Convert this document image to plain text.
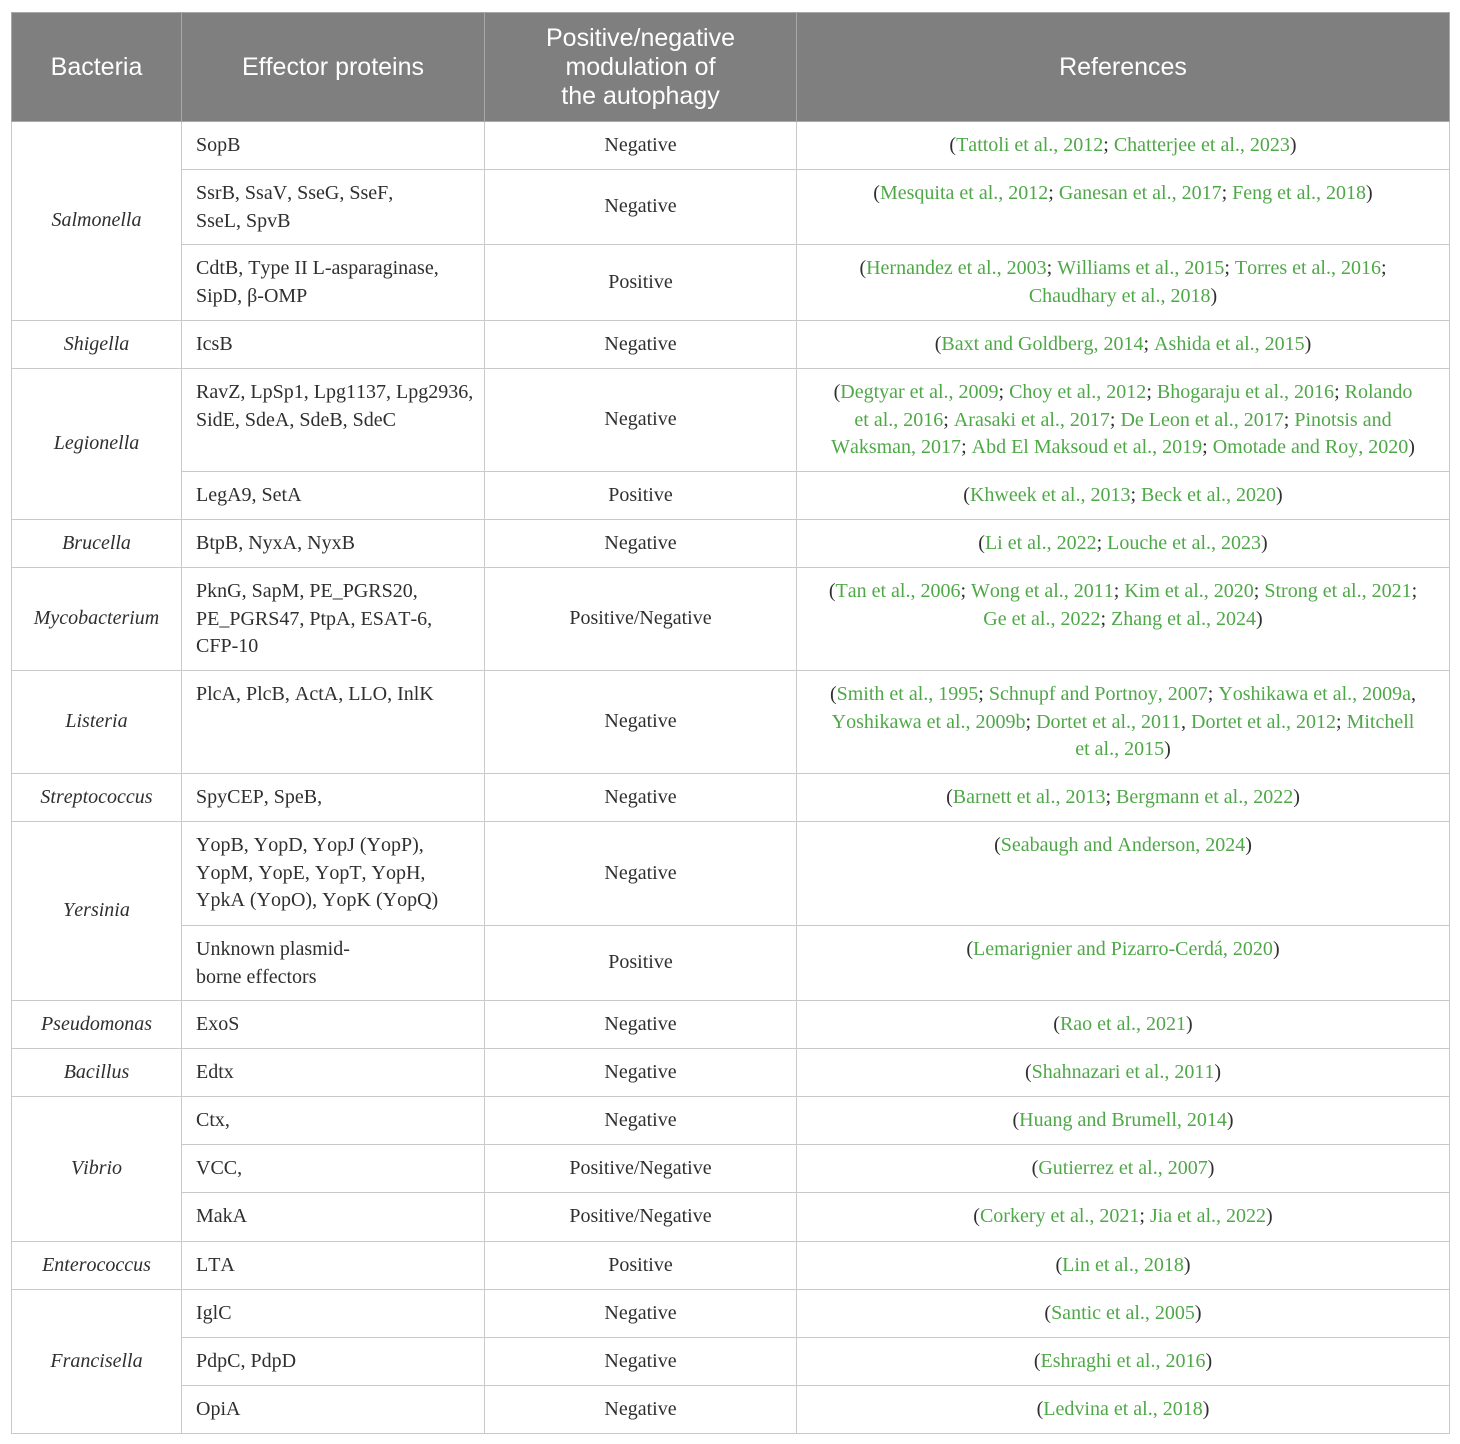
Bacteria	Effector proteins	Positive/negative
modulation of
the autophagy	References
Salmonella	SopB	Negative	(Tattoli et al., 2012; Chatterjee et al., 2023)

	SsrB, SsaV, SseG, SseF,
SseL, SpvB	Negative	(Mesquita et al., 2012; Ganesan et al., 2017; Feng et al., 2018)

	CdtB, Type II L-asparaginase,
SipD, β-OMP	Positive	(Hernandez et al., 2003; Williams et al., 2015; Torres et al., 2016; Chaudhary et al., 2018)
Shigella	IcsB	Negative	(Baxt and Goldberg, 2014; Ashida et al., 2015)
Legionella	RavZ, LpSp1, Lpg1137, Lpg2936,
SidE, SdeA, SdeB, SdeC	Negative	(Degtyar et al., 2009; Choy et al., 2012; Bhogaraju et al., 2016; Rolando et al., 2016; Arasaki et al., 2017; De Leon et al., 2017; Pinotsis and Waksman, 2017; Abd El Maksoud et al., 2019; Omotade and Roy, 2020)

	LegA9, SetA	Positive	(Khweek et al., 2013; Beck et al., 2020)
Brucella	BtpB, NyxA, NyxB	Negative	(Li et al., 2022; Louche et al., 2023)
Mycobacterium	PknG, SapM, PE_PGRS20,
PE_PGRS47, PtpA, ESAT-6,
CFP-10	Positive/Negative	(Tan et al., 2006; Wong et al., 2011; Kim et al., 2020; Strong et al., 2021; Ge et al., 2022; Zhang et al., 2024)
Listeria	PlcA, PlcB, ActA, LLO, InlK	Negative	(Smith et al., 1995; Schnupf and Portnoy, 2007; Yoshikawa et al., 2009a, Yoshikawa et al., 2009b; Dortet et al., 2011, Dortet et al., 2012; Mitchell et al., 2015)
Streptococcus	SpyCEP, SpeB,	Negative	(Barnett et al., 2013; Bergmann et al., 2022)
Yersinia	YopB, YopD, YopJ (YopP),
YopM, YopE, YopT, YopH,
YpkA (YopO), YopK (YopQ)	Negative	(Seabaugh and Anderson, 2024)

	Unknown plasmid-
borne effectors	Positive	(Lemarignier and Pizarro-Cerdá, 2020)
Pseudomonas	ExoS	Negative	(Rao et al., 2021)
Bacillus	Edtx	Negative	(Shahnazari et al., 2011)
Vibrio	Ctx,	Negative	(Huang and Brumell, 2014)

	VCC,	Positive/Negative	(Gutierrez et al., 2007)

	MakA	Positive/Negative	(Corkery et al., 2021; Jia et al., 2022)
Enterococcus	LTA	Positive	(Lin et al., 2018)
Francisella	IglC	Negative	(Santic et al., 2005)

	PdpC, PdpD	Negative	(Eshraghi et al., 2016)

	OpiA	Negative	(Ledvina et al., 2018)
